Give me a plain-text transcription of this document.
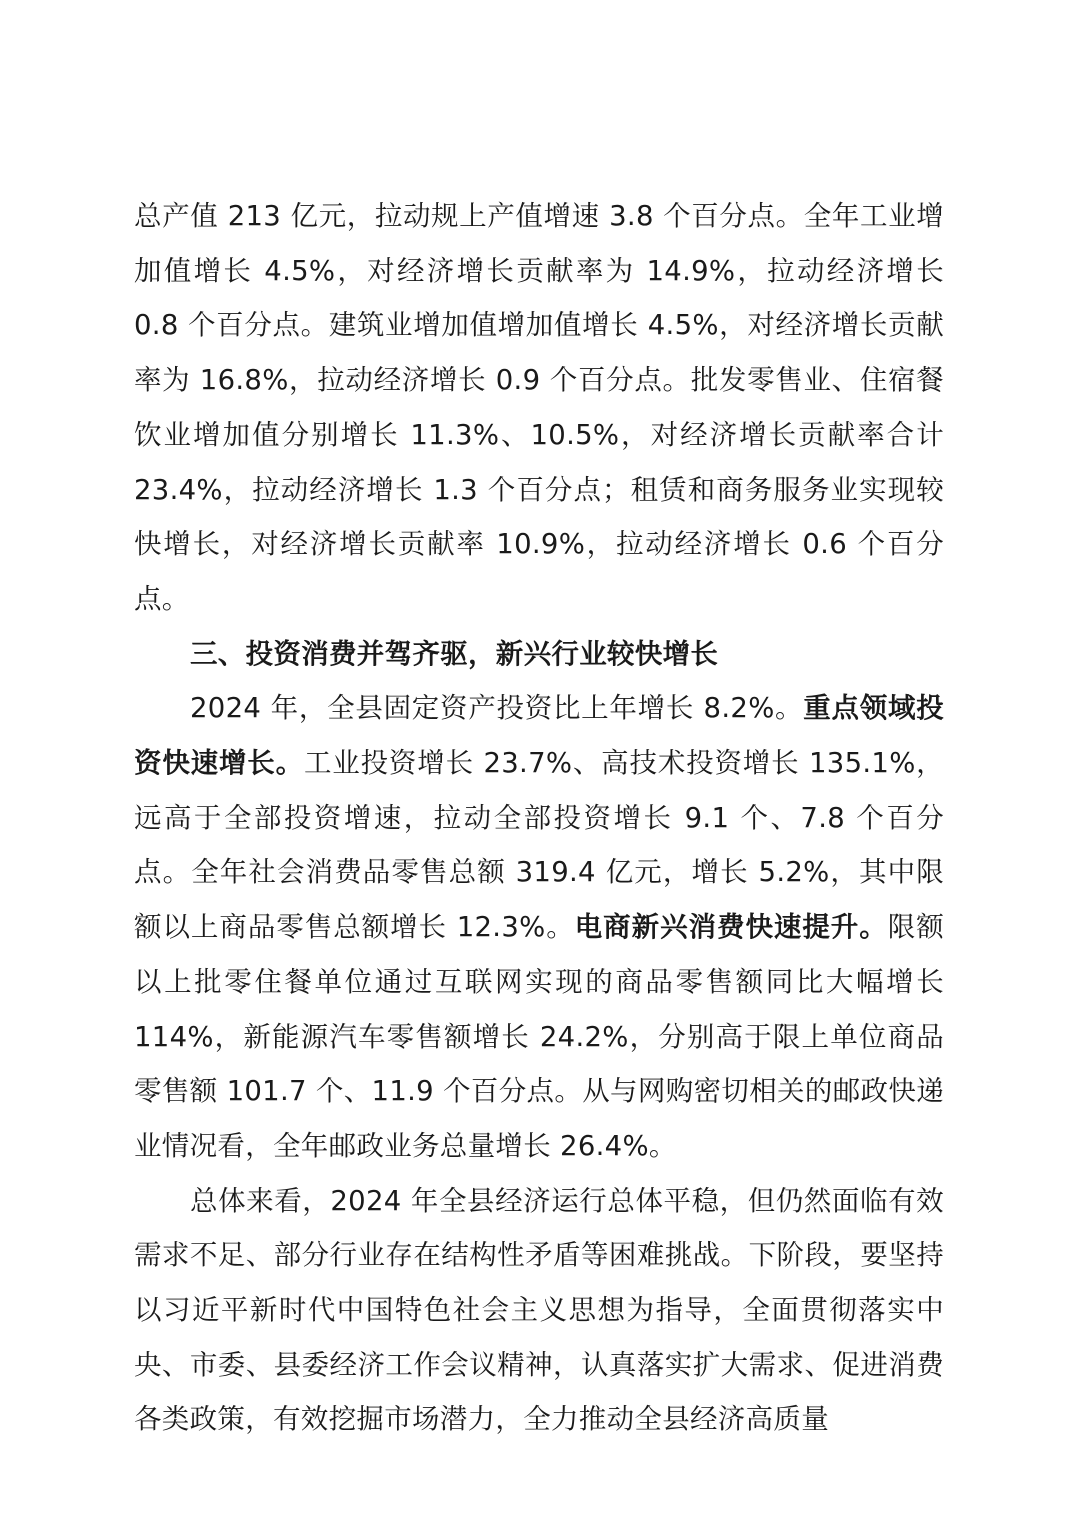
总产值 213 亿元，拉动规上产值增速 3.8 个百分点。全年工业增加值增长 4.5%，对经济增长贡献率为 14.9%，拉动经济增长 0.8 个百分点。建筑业增加值增加值增长 4.5%，对经济增长贡献率为 16.8%，拉动经济增长 0.9 个百分点。批发零售业、住宿餐饮业增加值分别增长 11.3%、10.5%，对经济增长贡献率合计 23.4%，拉动经济增长 1.3 个百分点；租赁和商务服务业实现较快增长，对经济增长贡献率 10.9%，拉动经济增长 0.6 个百分点。

三、投资消费并驾齐驱，新兴行业较快增长

2024 年，全县固定资产投资比上年增长 8.2%。重点领域投资快速增长。工业投资增长 23.7%、高技术投资增长 135.1%，远高于全部投资增速，拉动全部投资增长 9.1 个、7.8 个百分点。全年社会消费品零售总额 319.4 亿元，增长 5.2%，其中限额以上商品零售总额增长 12.3%。电商新兴消费快速提升。限额以上批零住餐单位通过互联网实现的商品零售额同比大幅增长 114%，新能源汽车零售额增长 24.2%，分别高于限上单位商品零售额 101.7 个、11.9 个百分点。从与网购密切相关的邮政快递业情况看，全年邮政业务总量增长 26.4%。

总体来看，2024 年全县经济运行总体平稳，但仍然面临有效需求不足、部分行业存在结构性矛盾等困难挑战。下阶段，要坚持以习近平新时代中国特色社会主义思想为指导，全面贯彻落实中央、市委、县委经济工作会议精神，认真落实扩大需求、促进消费各类政策，有效挖掘市场潜力，全力推动全县经济高质量
